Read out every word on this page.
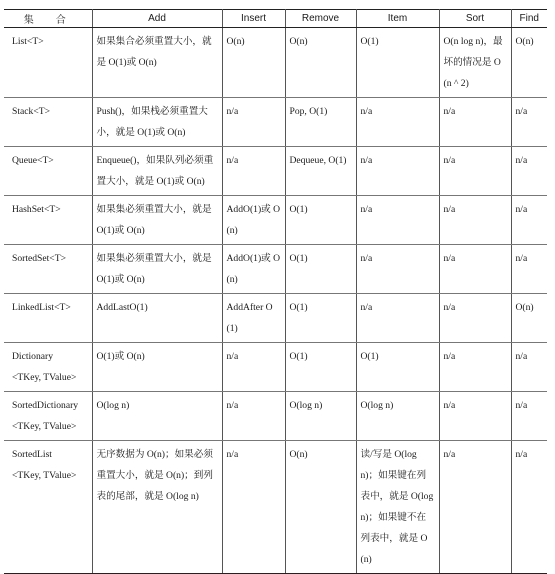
集　合	Add	Insert	Remove	Item	Sort	Find

List<T>	如果集合必须重置大小，就是 O(1)或 O(n)	O(n)	O(n)	O(1)	O(n log n)，最坏的情况是 O (n ^ 2)	O(n)

Stack<T>	Push()，如果栈必须重置大小，就是 O(1)或 O(n)	n/a	Pop, O(1)	n/a	n/a	n/a

Queue<T>	Enqueue()，如果队列必须重置大小，就是 O(1)或 O(n)	n/a	Dequeue, O(1)	n/a	n/a	n/a

HashSet<T>	如果集必须重置大小，就是 O(1)或 O(n)	AddO(1)或 O(n)	O(1)	n/a	n/a	n/a

SortedSet<T>	如果集必须重置大小，就是 O(1)或 O(n)	AddO(1)或 O(n)	O(1)	n/a	n/a	n/a

LinkedList<T>	AddLastO(1)	AddAfter O(1)	O(1)	n/a	n/a	O(n)

Dictionary
<TKey, TValue>	O(1)或 O(n)	n/a	O(1)	O(1)	n/a	n/a

SortedDictionary
<TKey, TValue>	O(log n)	n/a	O(log n)	O(log n)	n/a	n/a

SortedList
<TKey, TValue>	无序数据为 O(n)；如果必须重置大小，就是 O(n)；到列表的尾部，就是 O(log n)	n/a	O(n)	读/写是 O(log n)；如果键在列表中，就是 O(log n)；如果键不在列表中，就是 O(n)	n/a	n/a
